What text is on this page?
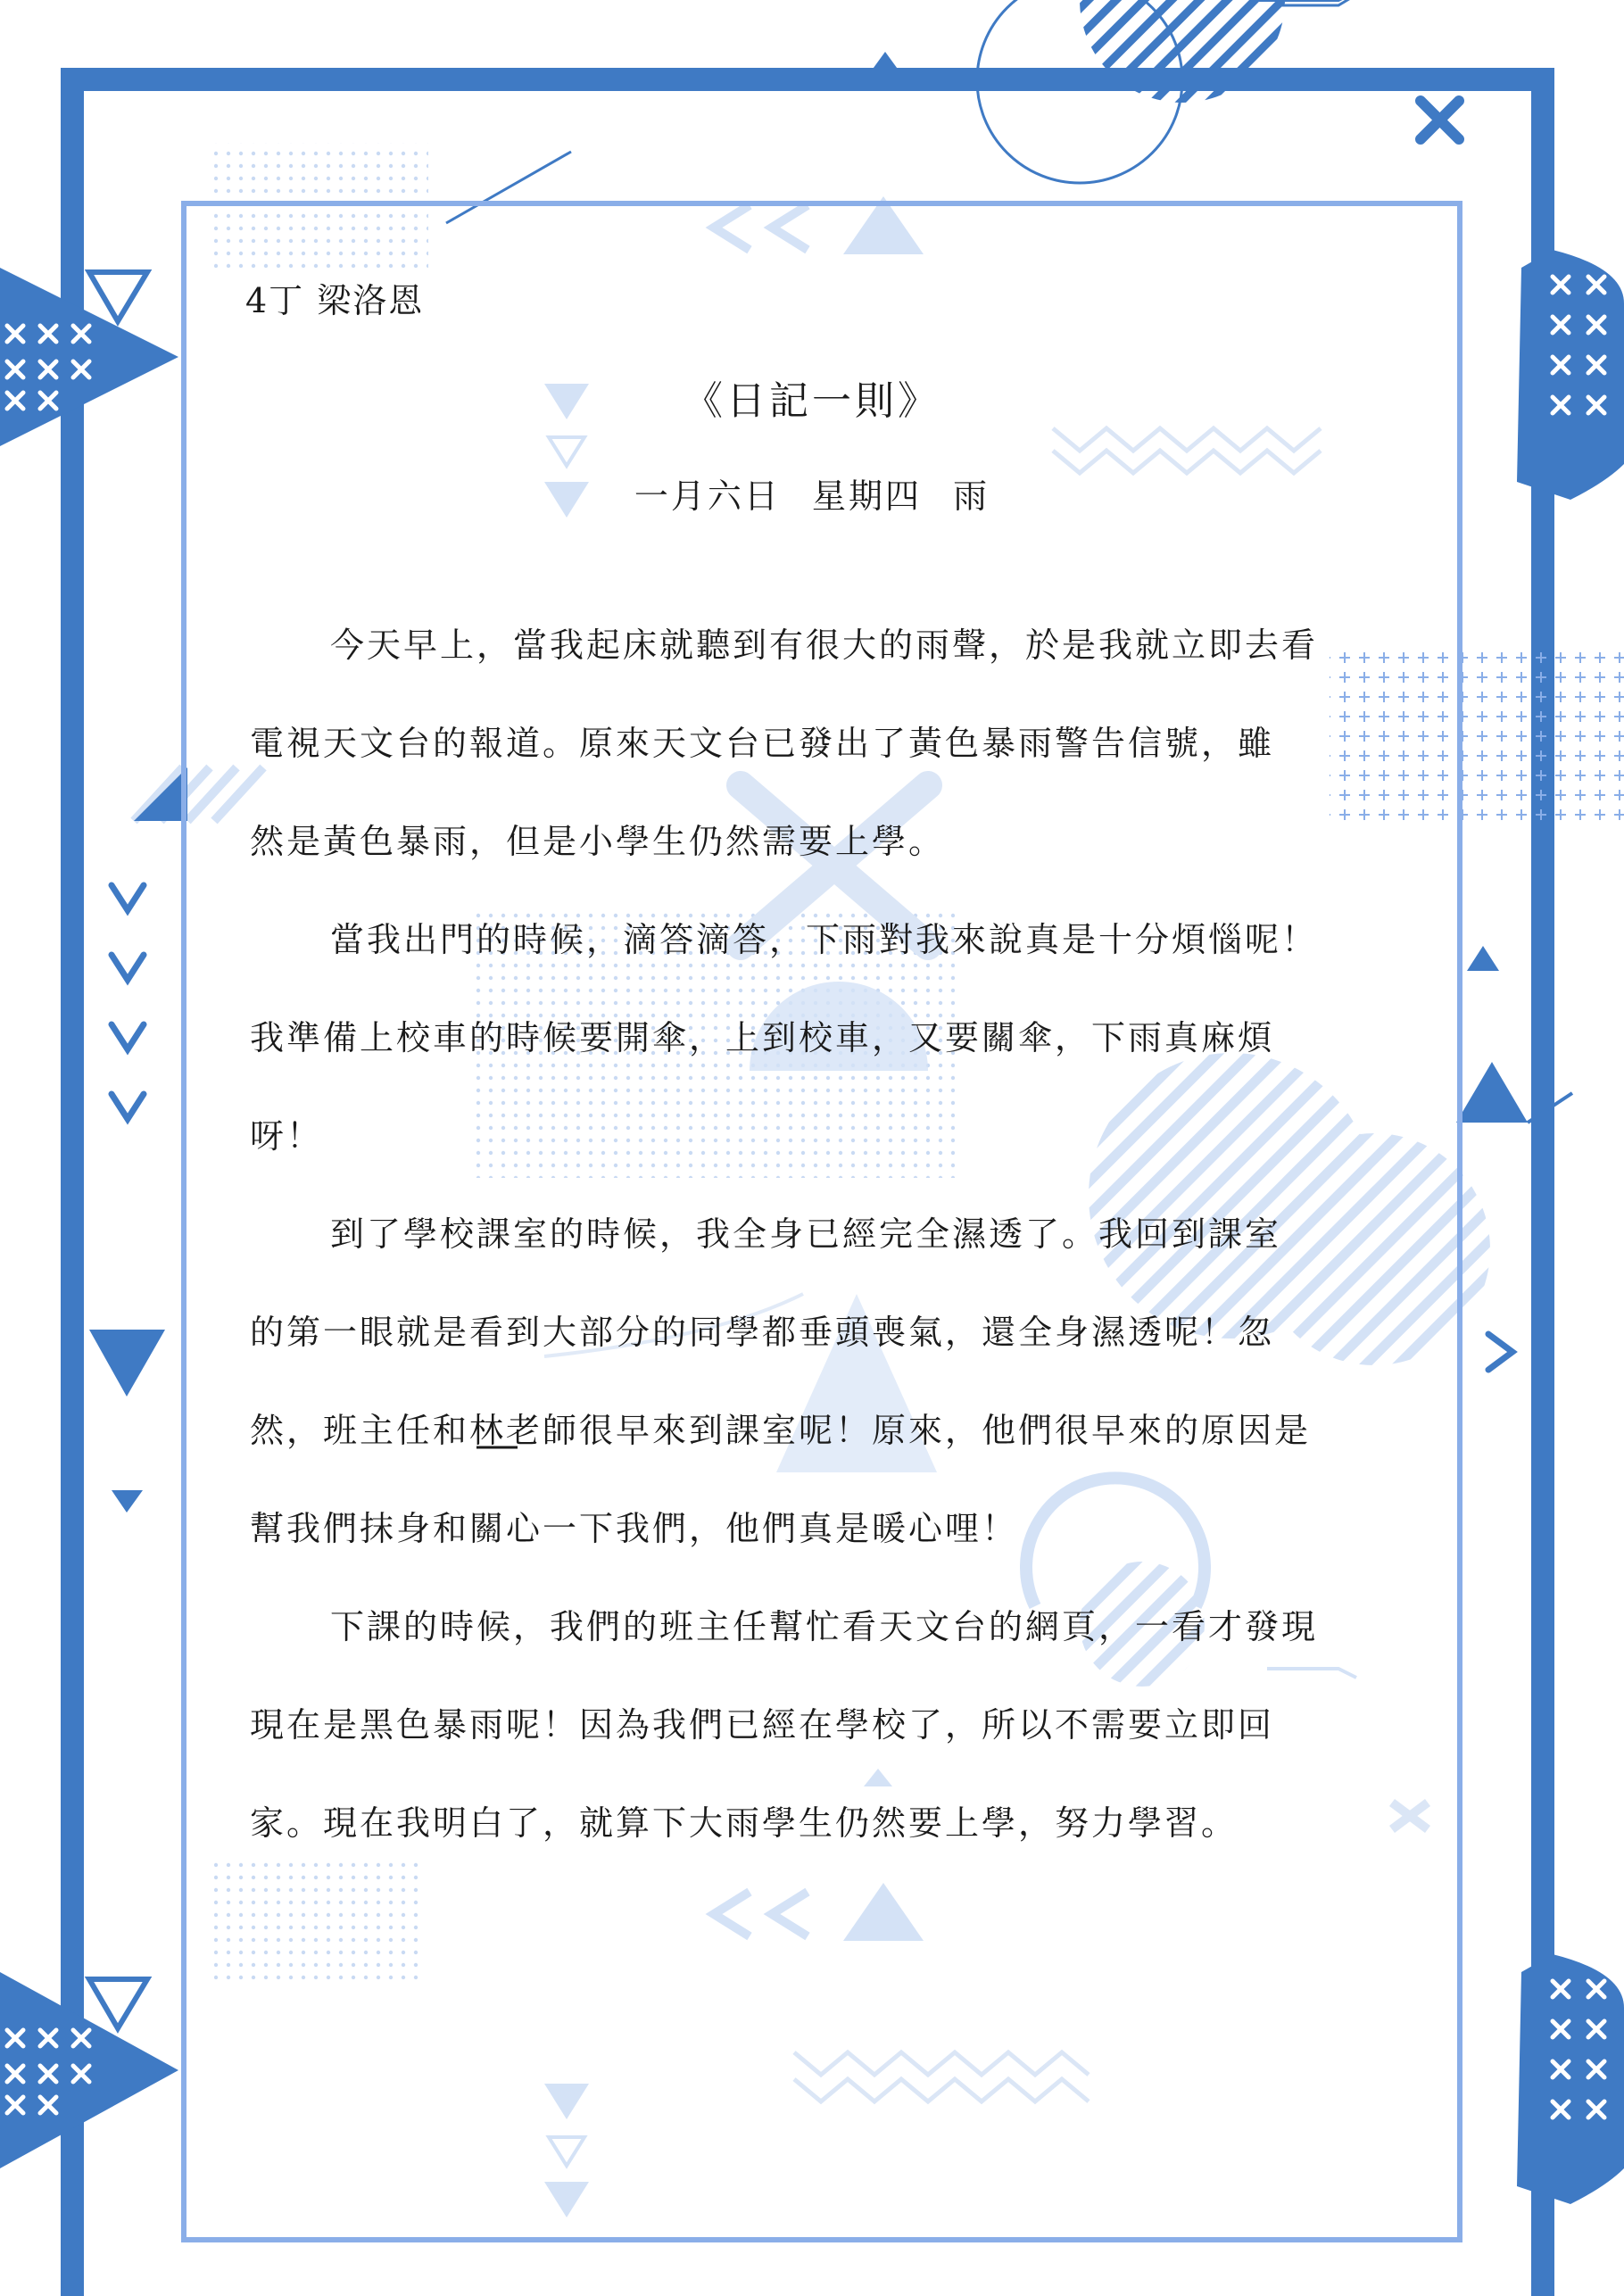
4丁 梁洛恩
《日記一則》
一月六日 星期四 雨
今天早上，當我起床就聽到有很大的雨聲，於是我就立即去看
電視天文台的報道。原來天文台已發出了黃色暴雨警告信號，雖
然是黃色暴雨，但是小學生仍然需要上學。
當我出門的時候，滴答滴答，下雨對我來說真是十分煩惱呢！
我準備上校車的時候要開傘，上到校車，又要關傘，下雨真麻煩
呀！
到了學校課室的時候，我全身已經完全濕透了。我回到課室
的第一眼就是看到大部分的同學都垂頭喪氣，還全身濕透呢！忽
然，班主任和林老師很早來到課室呢！原來，他們很早來的原因是
幫我們抹身和關心一下我們，他們真是暖心哩！
下課的時候，我們的班主任幫忙看天文台的網頁，一看才發現
現在是黑色暴雨呢！因為我們已經在學校了，所以不需要立即回
家。現在我明白了，就算下大雨學生仍然要上學，努力學習。
